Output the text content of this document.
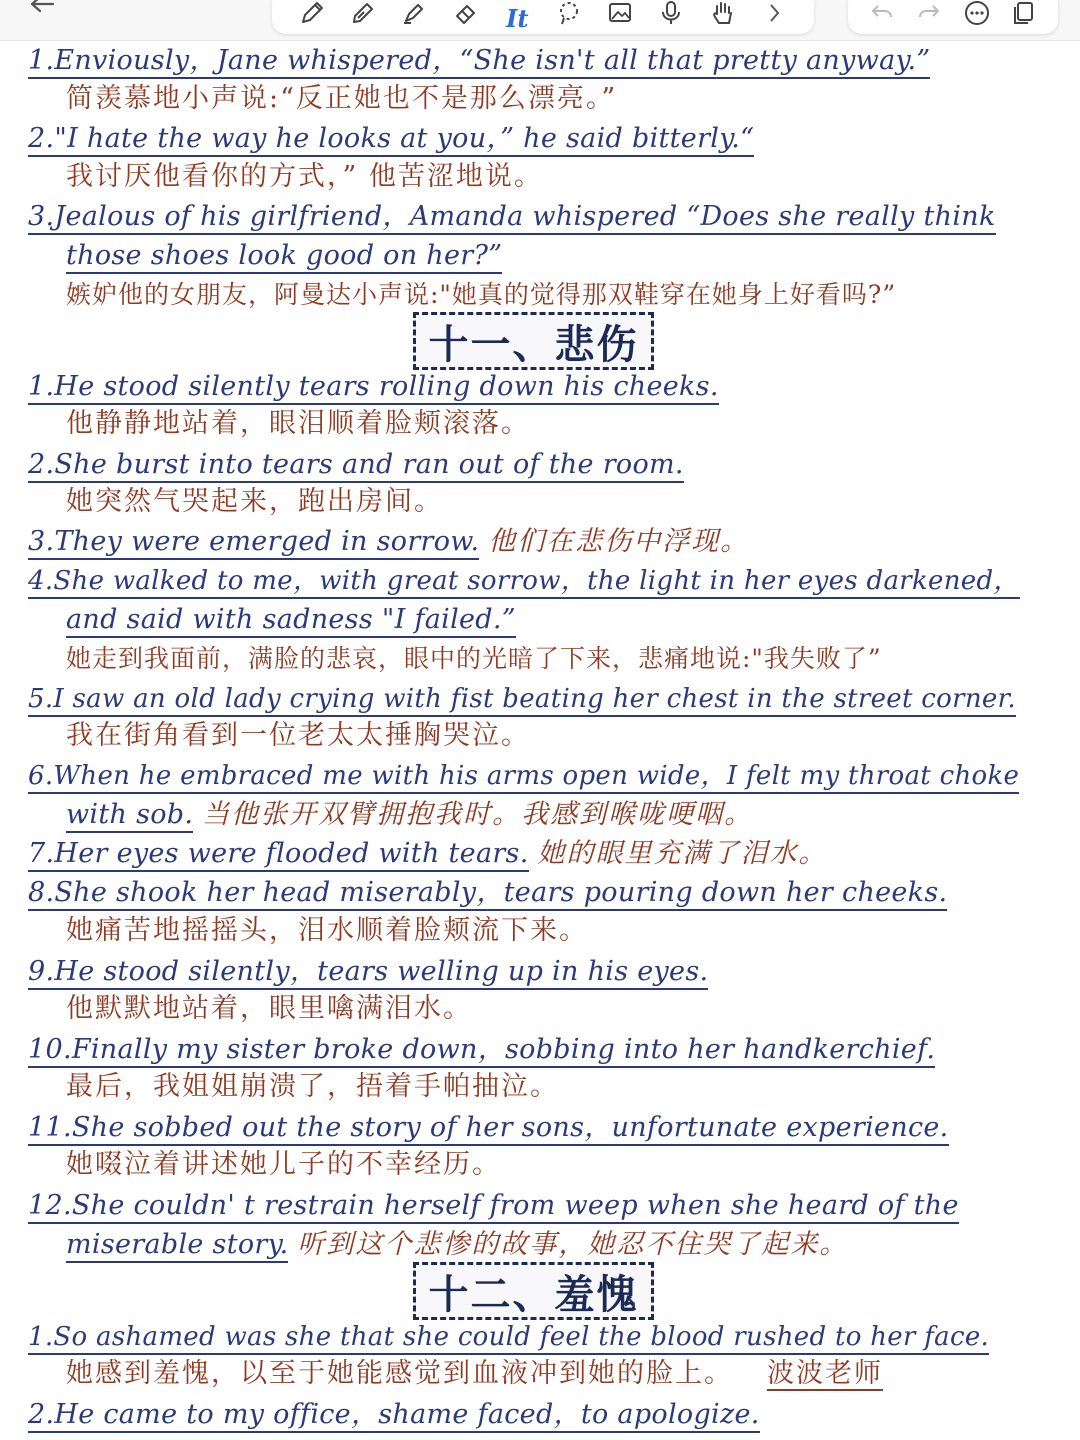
It
1.Enviously，Jane whispered，“She isn't all that pretty anyway.”
简羡慕地小声说:“反正她也不是那么漂亮。”
2."I hate the way he looks at you，” he said bitterly.“
我讨厌他看你的方式，” 他苦涩地说。
3.Jealous of his girlfriend，Amanda whispered “Does she really think
those shoes look good on her?”
嫉妒他的女朋友，阿曼达小声说:"她真的觉得那双鞋穿在她身上好看吗?”
十一、悲伤
1.He stood silently tears rolling down his cheeks.
他静静地站着，眼泪顺着脸颊滚落。
2.She burst into tears and ran out of the room.
她突然气哭起来，跑出房间。
3.They were emerged in sorrow. 他们在悲伤中浮现。
4.She walked to me，with great sorrow，the light in her eyes darkened，
and said with sadness "I failed.”
她走到我面前，满脸的悲哀，眼中的光暗了下来，悲痛地说:"我失败了”
5.I saw an old lady crying with fist beating her chest in the street corner.
我在街角看到一位老太太捶胸哭泣。
6.When he embraced me with his arms open wide，I felt my throat choke
with sob. 当他张开双臂拥抱我时。我感到喉咙哽咽。
7.Her eyes were flooded with tears. 她的眼里充满了泪水。
8.She shook her head miserably，tears pouring down her cheeks.
她痛苦地摇摇头，泪水顺着脸颊流下来。
9.He stood silently，tears welling up in his eyes.
他默默地站着，眼里噙满泪水。
10.Finally my sister broke down，sobbing into her handkerchief.
最后，我姐姐崩溃了，捂着手帕抽泣。
11.She sobbed out the story of her sons，unfortunate experience.
她啜泣着讲述她儿子的不幸经历。
12.She couldn' t restrain herself from weep when she heard of the
miserable story. 听到这个悲惨的故事，她忍不住哭了起来。
十二、羞愧
1.So ashamed was she that she could feel the blood rushed to her face.
她感到羞愧，以至于她能感觉到血液冲到她的脸上。 波波老师
2.He came to my office，shame faced，to apologize.
